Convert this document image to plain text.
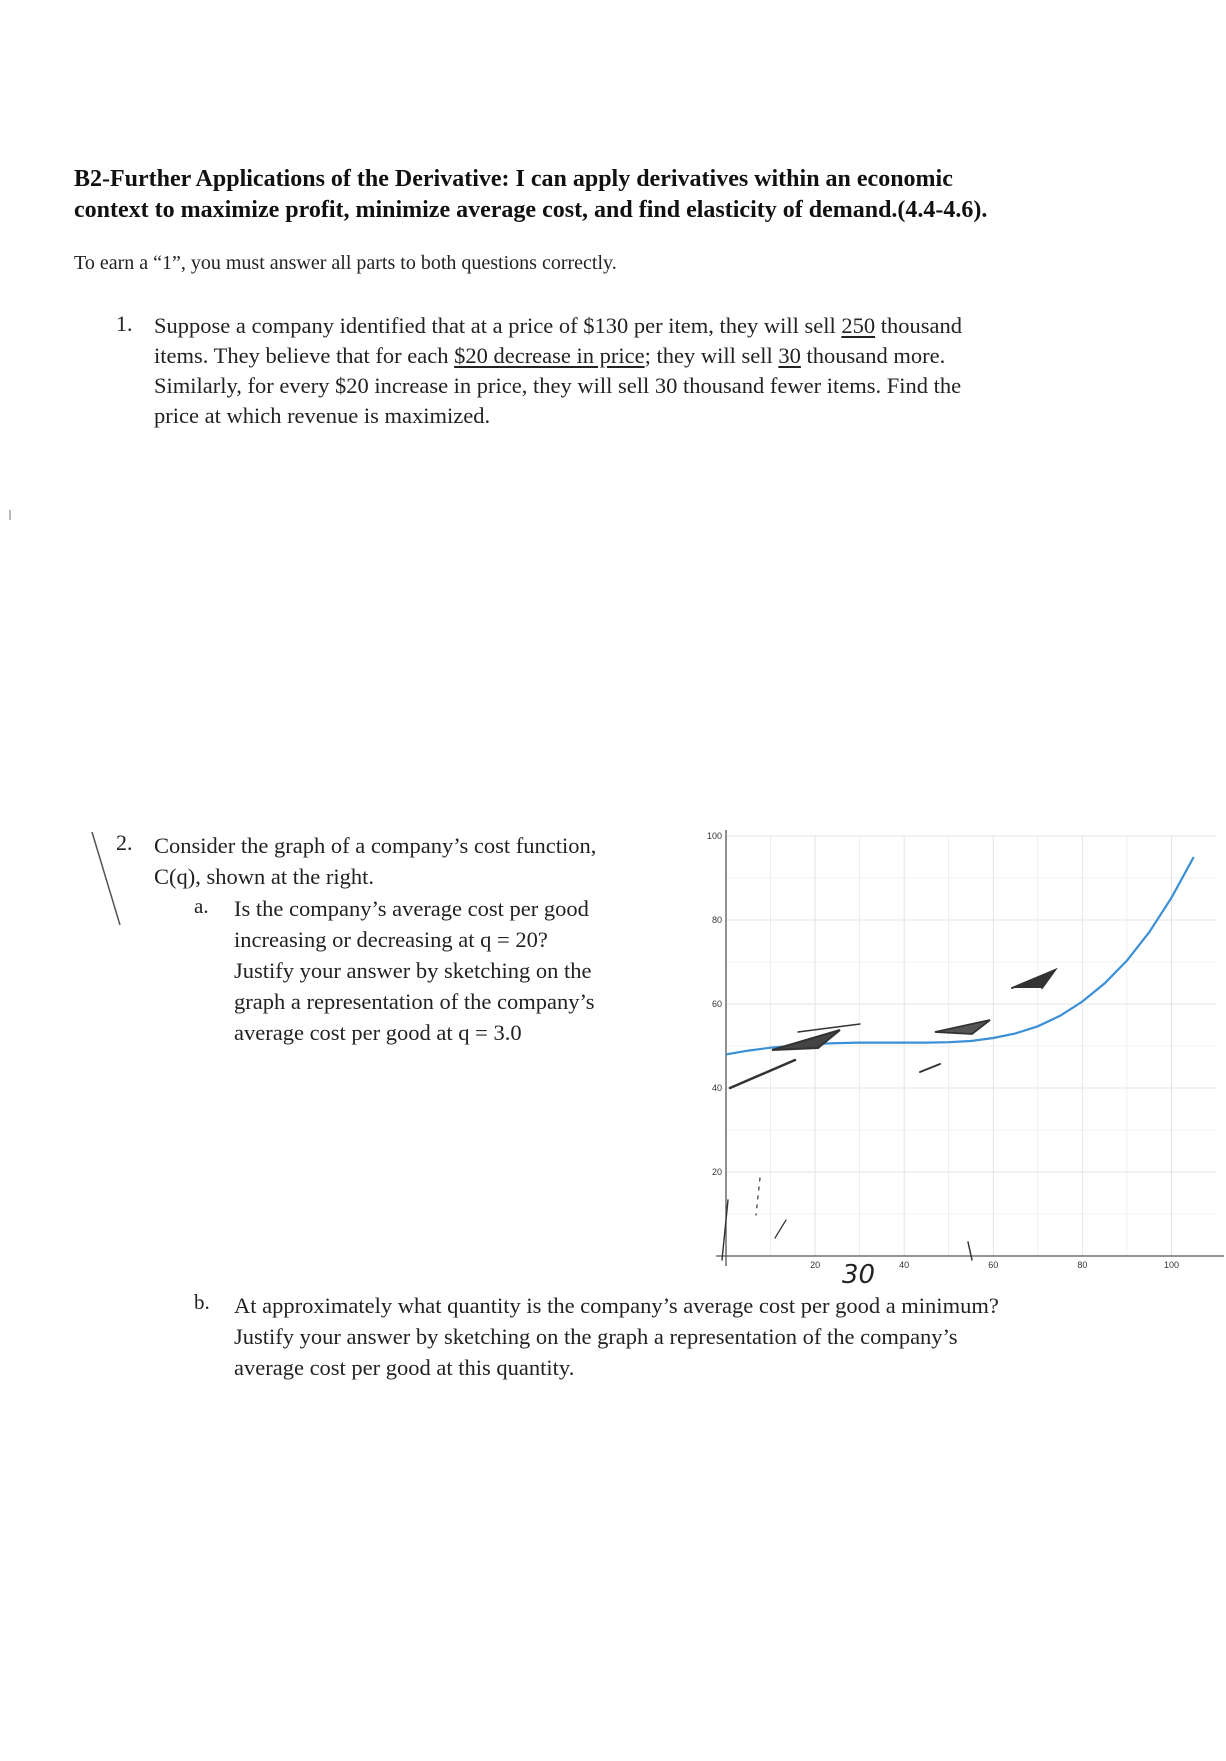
B2-Further Applications of the Derivative: I can apply derivatives within an economic
context to maximize profit, minimize average cost, and find elasticity of demand.(4.4-4.6).
To earn a “1”, you must answer all parts to both questions correctly.
1. Suppose a company identified that at a price of $130 per item, they will sell 250 thousand
items. They believe that for each $20 decrease in price; they will sell 30 thousand more.
Similarly, for every $20 increase in price, they will sell 30 thousand fewer items. Find the
price at which revenue is maximized.
2. Consider the graph of a company’s cost function,
C(q), shown at the right.
a. Is the company’s average cost per good
increasing or decreasing at q = 20?
Justify your answer by sketching on the
graph a representation of the company’s
average cost per good at q = 3.0
20	40	60	80	100
20
40
60
80
100
30
b. At approximately what quantity is the company’s average cost per good a minimum?
Justify your answer by sketching on the graph a representation of the company’s
average cost per good at this quantity.
